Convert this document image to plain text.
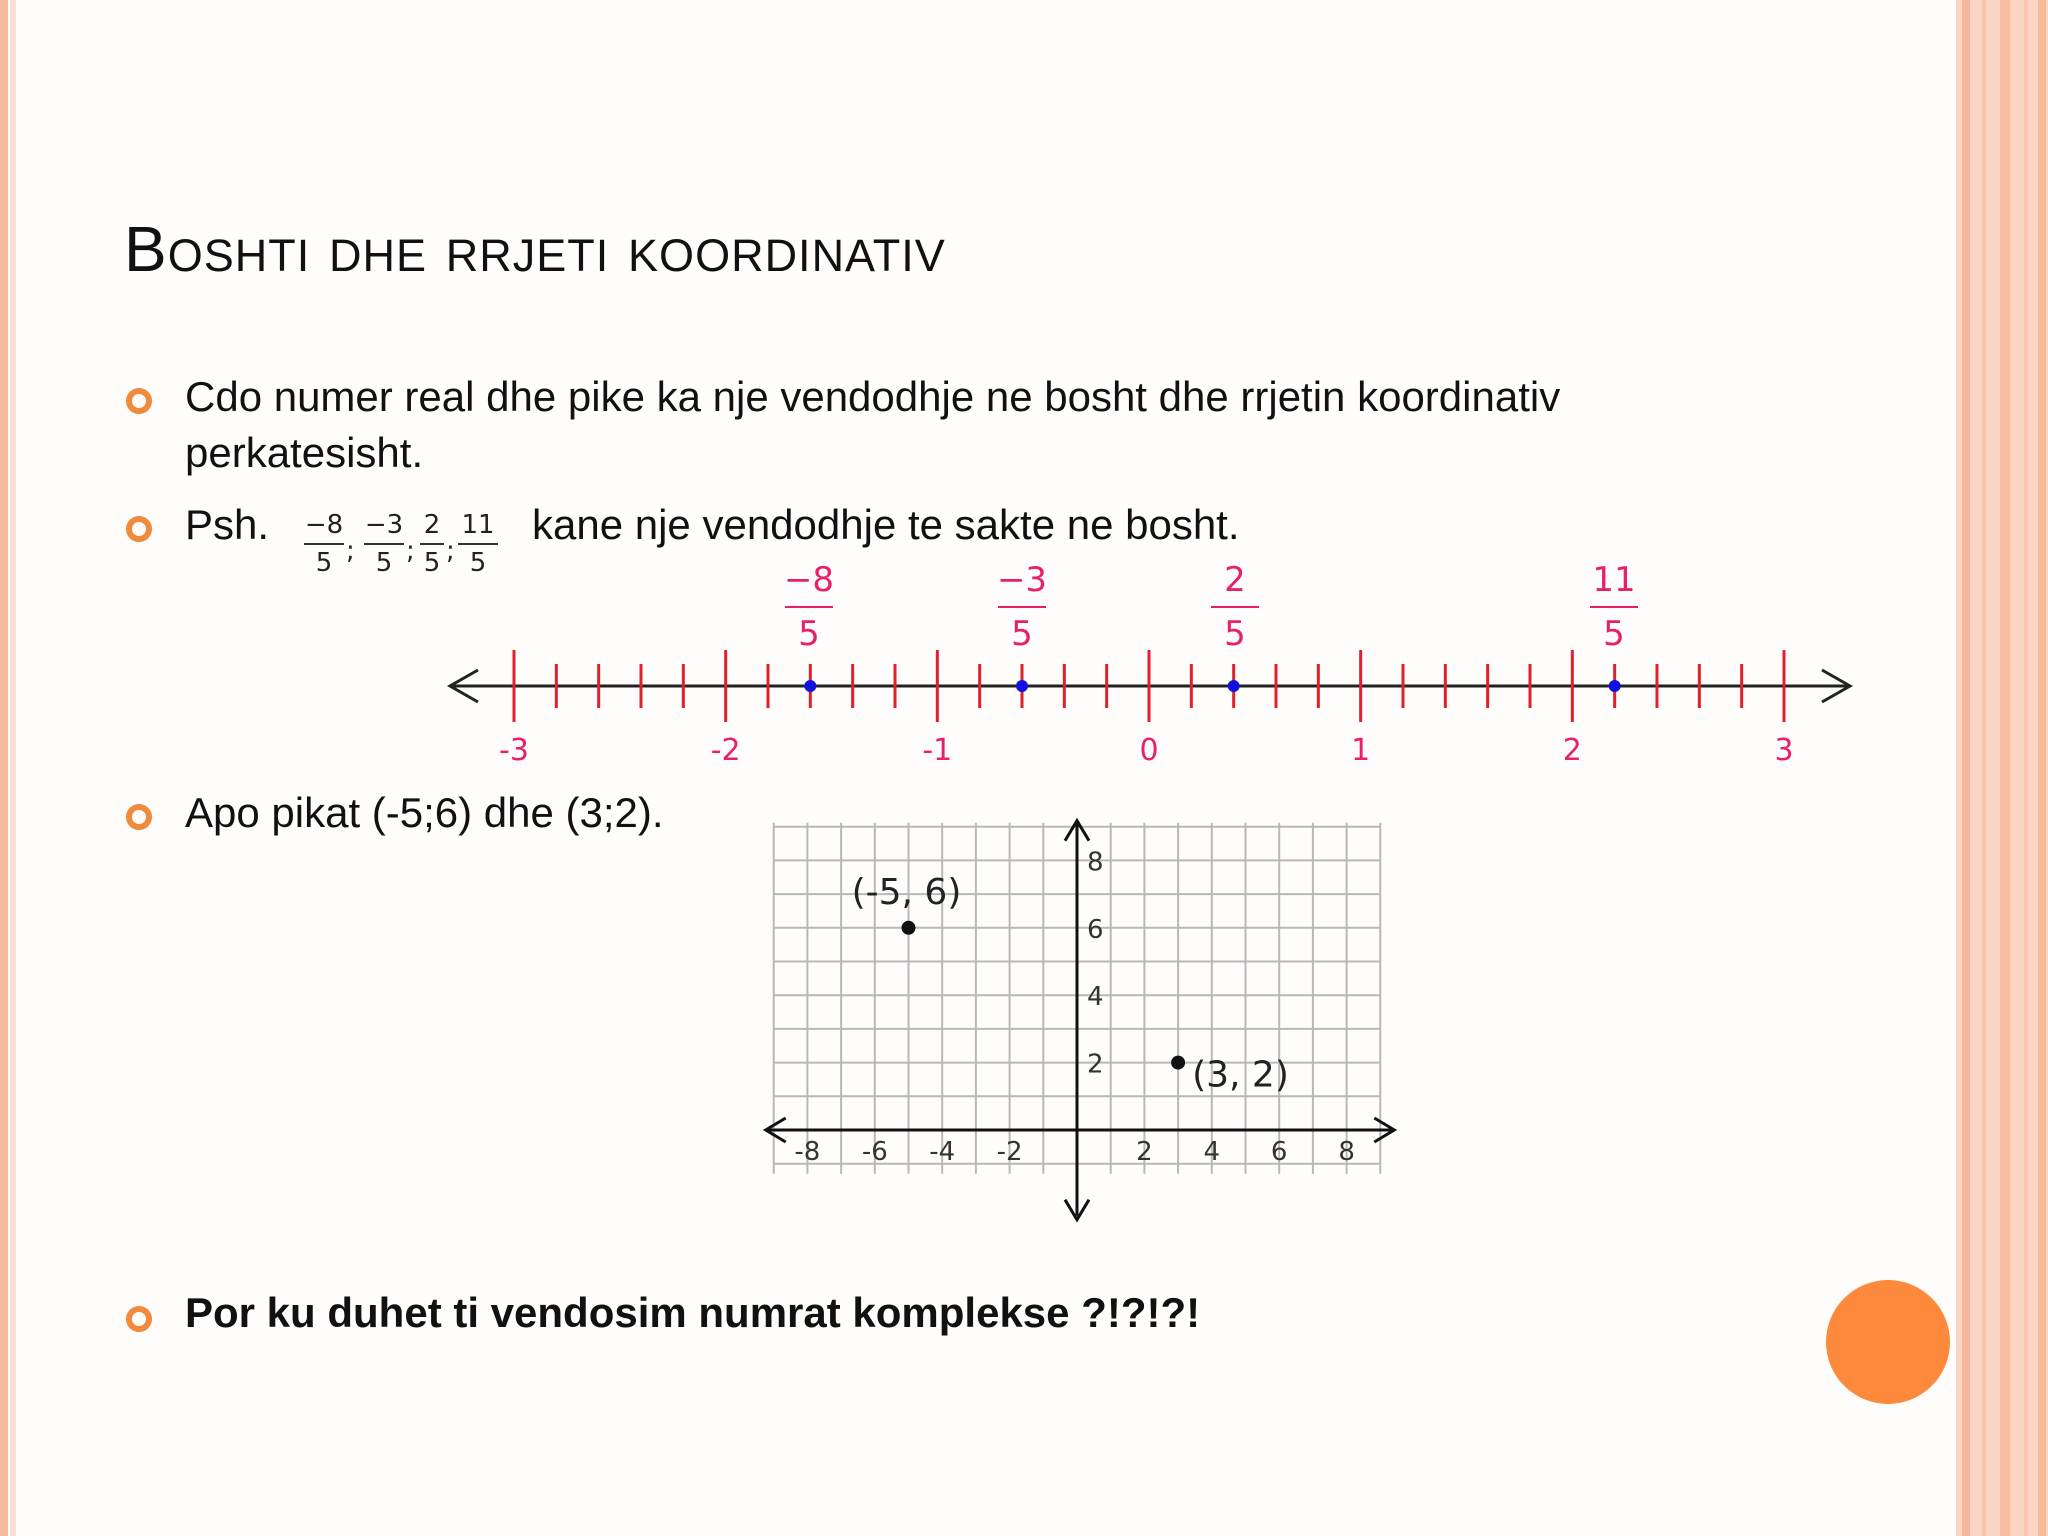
Boshti dhe rrjeti koordinativ
Cdo numer real dhe pike ka nje vendodhje ne bosht dhe rrjetin koordinativ
perkatesisht.
Psh. −8
5 ;
−3
5 ;
2
5 ;
11
5
kane nje vendodhje te sakte ne bosht.
−8
5
−3
5
2
5
11
5
-3	-2	-1	0	1	2	3
Apo pikat (-5;6) dhe (3;2).
-8 -6 -4 -2	2 4 6 8
2
4
6
8
(-5, 6)
(3, 2)
Por ku duhet ti vendosim numrat komplekse ?!?!?!
